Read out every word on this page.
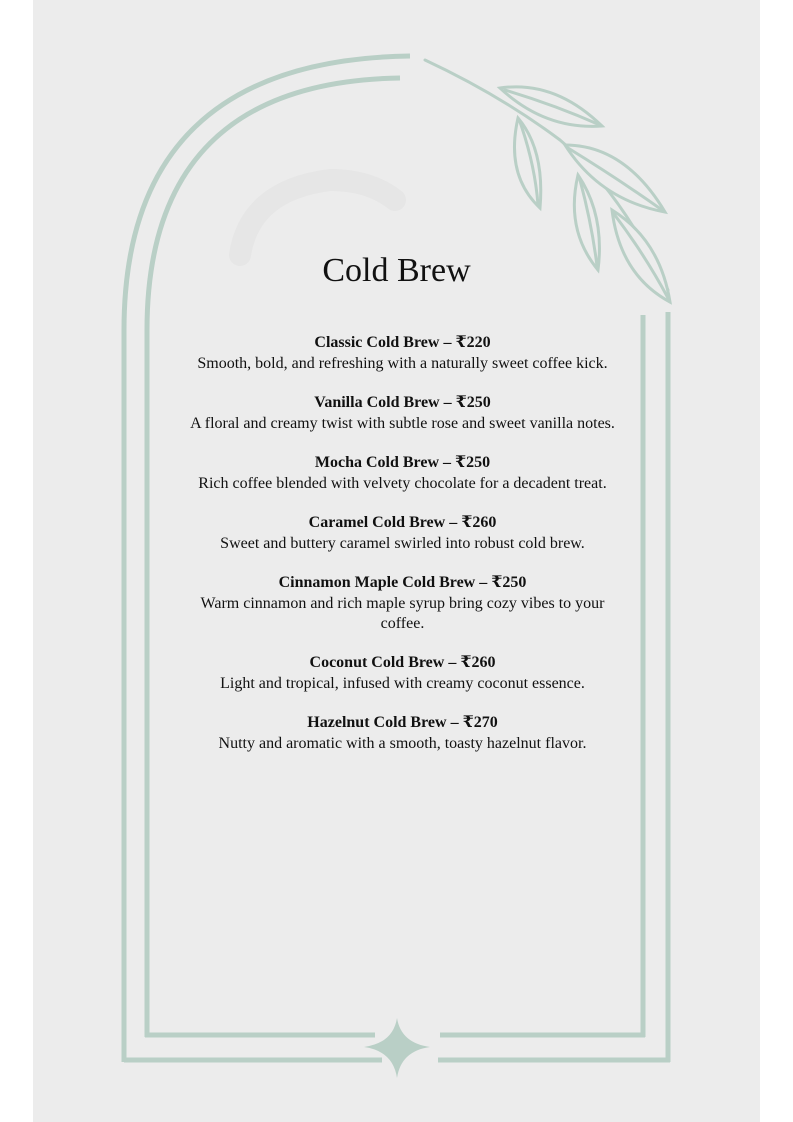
Cold Brew

Classic Cold Brew – ₹220

Smooth, bold, and refreshing with a naturally sweet coffee kick.

Vanilla Cold Brew – ₹250

A floral and creamy twist with subtle rose and sweet vanilla notes.

Mocha Cold Brew – ₹250

Rich coffee blended with velvety chocolate for a decadent treat.

Caramel Cold Brew – ₹260

Sweet and buttery caramel swirled into robust cold brew.

Cinnamon Maple Cold Brew – ₹250

Warm cinnamon and rich maple syrup bring cozy vibes to your coffee.

Coconut Cold Brew – ₹260

Light and tropical, infused with creamy coconut essence.

Hazelnut Cold Brew – ₹270

Nutty and aromatic with a smooth, toasty hazelnut flavor.
